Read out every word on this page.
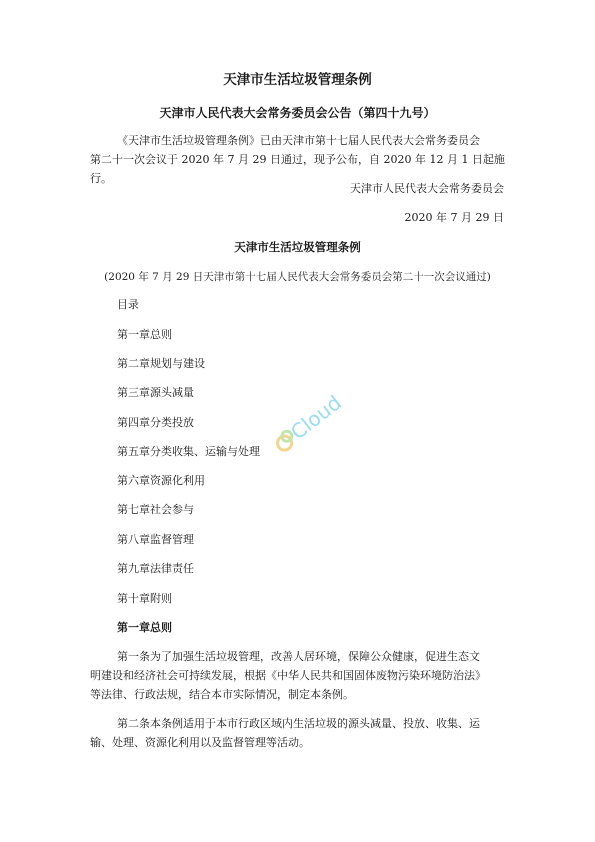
天津市生活垃圾管理条例
天津市人民代表大会常务委员会公告（第四十九号）
《天津市生活垃圾管理条例》已由天津市第十七届人民代表大会常务委员会
第二十一次会议于 2020 年 7 月 29 日通过，现予公布，自 2020 年 12 月 1 日起施
行。
天津市人民代表大会常务委员会
2020 年 7 月 29 日
天津市生活垃圾管理条例
(2020 年 7 月 29 日天津市第十七届人民代表大会常务委员会第二十一次会议通过)
目录
第一章总则
第二章规划与建设
第三章源头减量
第四章分类投放
第五章分类收集、运输与处理
第六章资源化利用
第七章社会参与
第八章监督管理
第九章法律责任
第十章附则
第一章总则
第一条为了加强生活垃圾管理，改善人居环境，保障公众健康，促进生态文
明建设和经济社会可持续发展，根据《中华人民共和国固体废物污染环境防治法》
等法律、行政法规，结合本市实际情况，制定本条例。
第二条本条例适用于本市行政区域内生活垃圾的源头减量、投放、收集、运
输、处理、资源化利用以及监督管理等活动。
Cloud
